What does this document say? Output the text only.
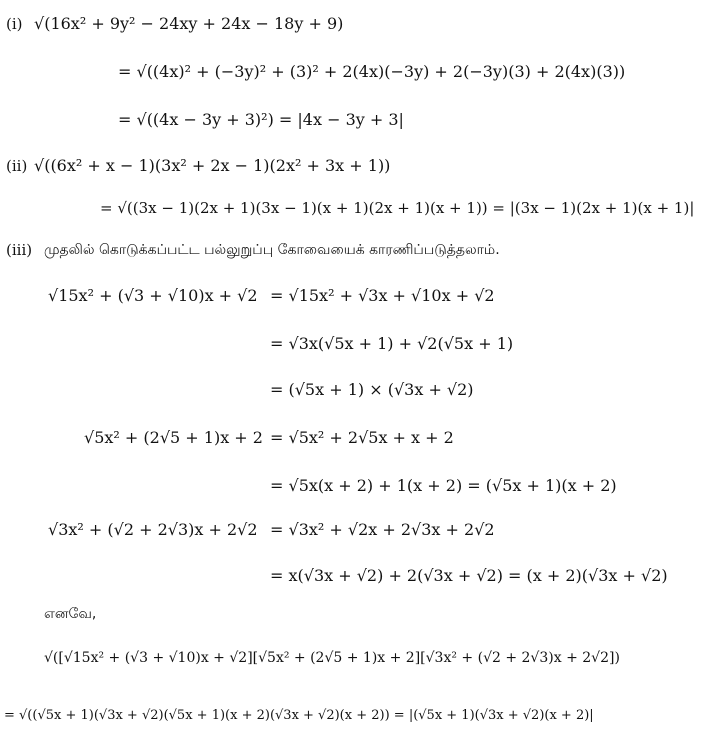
(i) √(16x² + 9y² − 24xy + 24x − 18y + 9)
= √((4x)² + (−3y)² + (3)² + 2(4x)(−3y) + 2(−3y)(3) + 2(4x)(3))
= √((4x − 3y + 3)²) = |4x − 3y + 3|
(ii) √((6x² + x − 1)(3x² + 2x − 1)(2x² + 3x + 1))
= √((3x − 1)(2x + 1)(3x − 1)(x + 1)(2x + 1)(x + 1)) = |(3x − 1)(2x + 1)(x + 1)|
(iii) முதலில் கொடுக்கப்பட்ட பல்லுறுப்பு கோவையைக் காரணிப்படுத்தலாம்.
√15x² + (√3 + √10)x + √2 = √15x² + √3x + √10x + √2
= √3x(√5x + 1) + √2(√5x + 1)
= (√5x + 1) × (√3x + √2)
√5x² + (2√5 + 1)x + 2 = √5x² + 2√5x + x + 2
= √5x(x + 2) + 1(x + 2) = (√5x + 1)(x + 2)
√3x² + (√2 + 2√3)x + 2√2 = √3x² + √2x + 2√3x + 2√2
= x(√3x + √2) + 2(√3x + √2) = (x + 2)(√3x + √2)
எனவே,
√([√15x² + (√3 + √10)x + √2][√5x² + (2√5 + 1)x + 2][√3x² + (√2 + 2√3)x + 2√2])
= √((√5x + 1)(√3x + √2)(√5x + 1)(x + 2)(√3x + √2)(x + 2)) = |(√5x + 1)(√3x + √2)(x + 2)|
